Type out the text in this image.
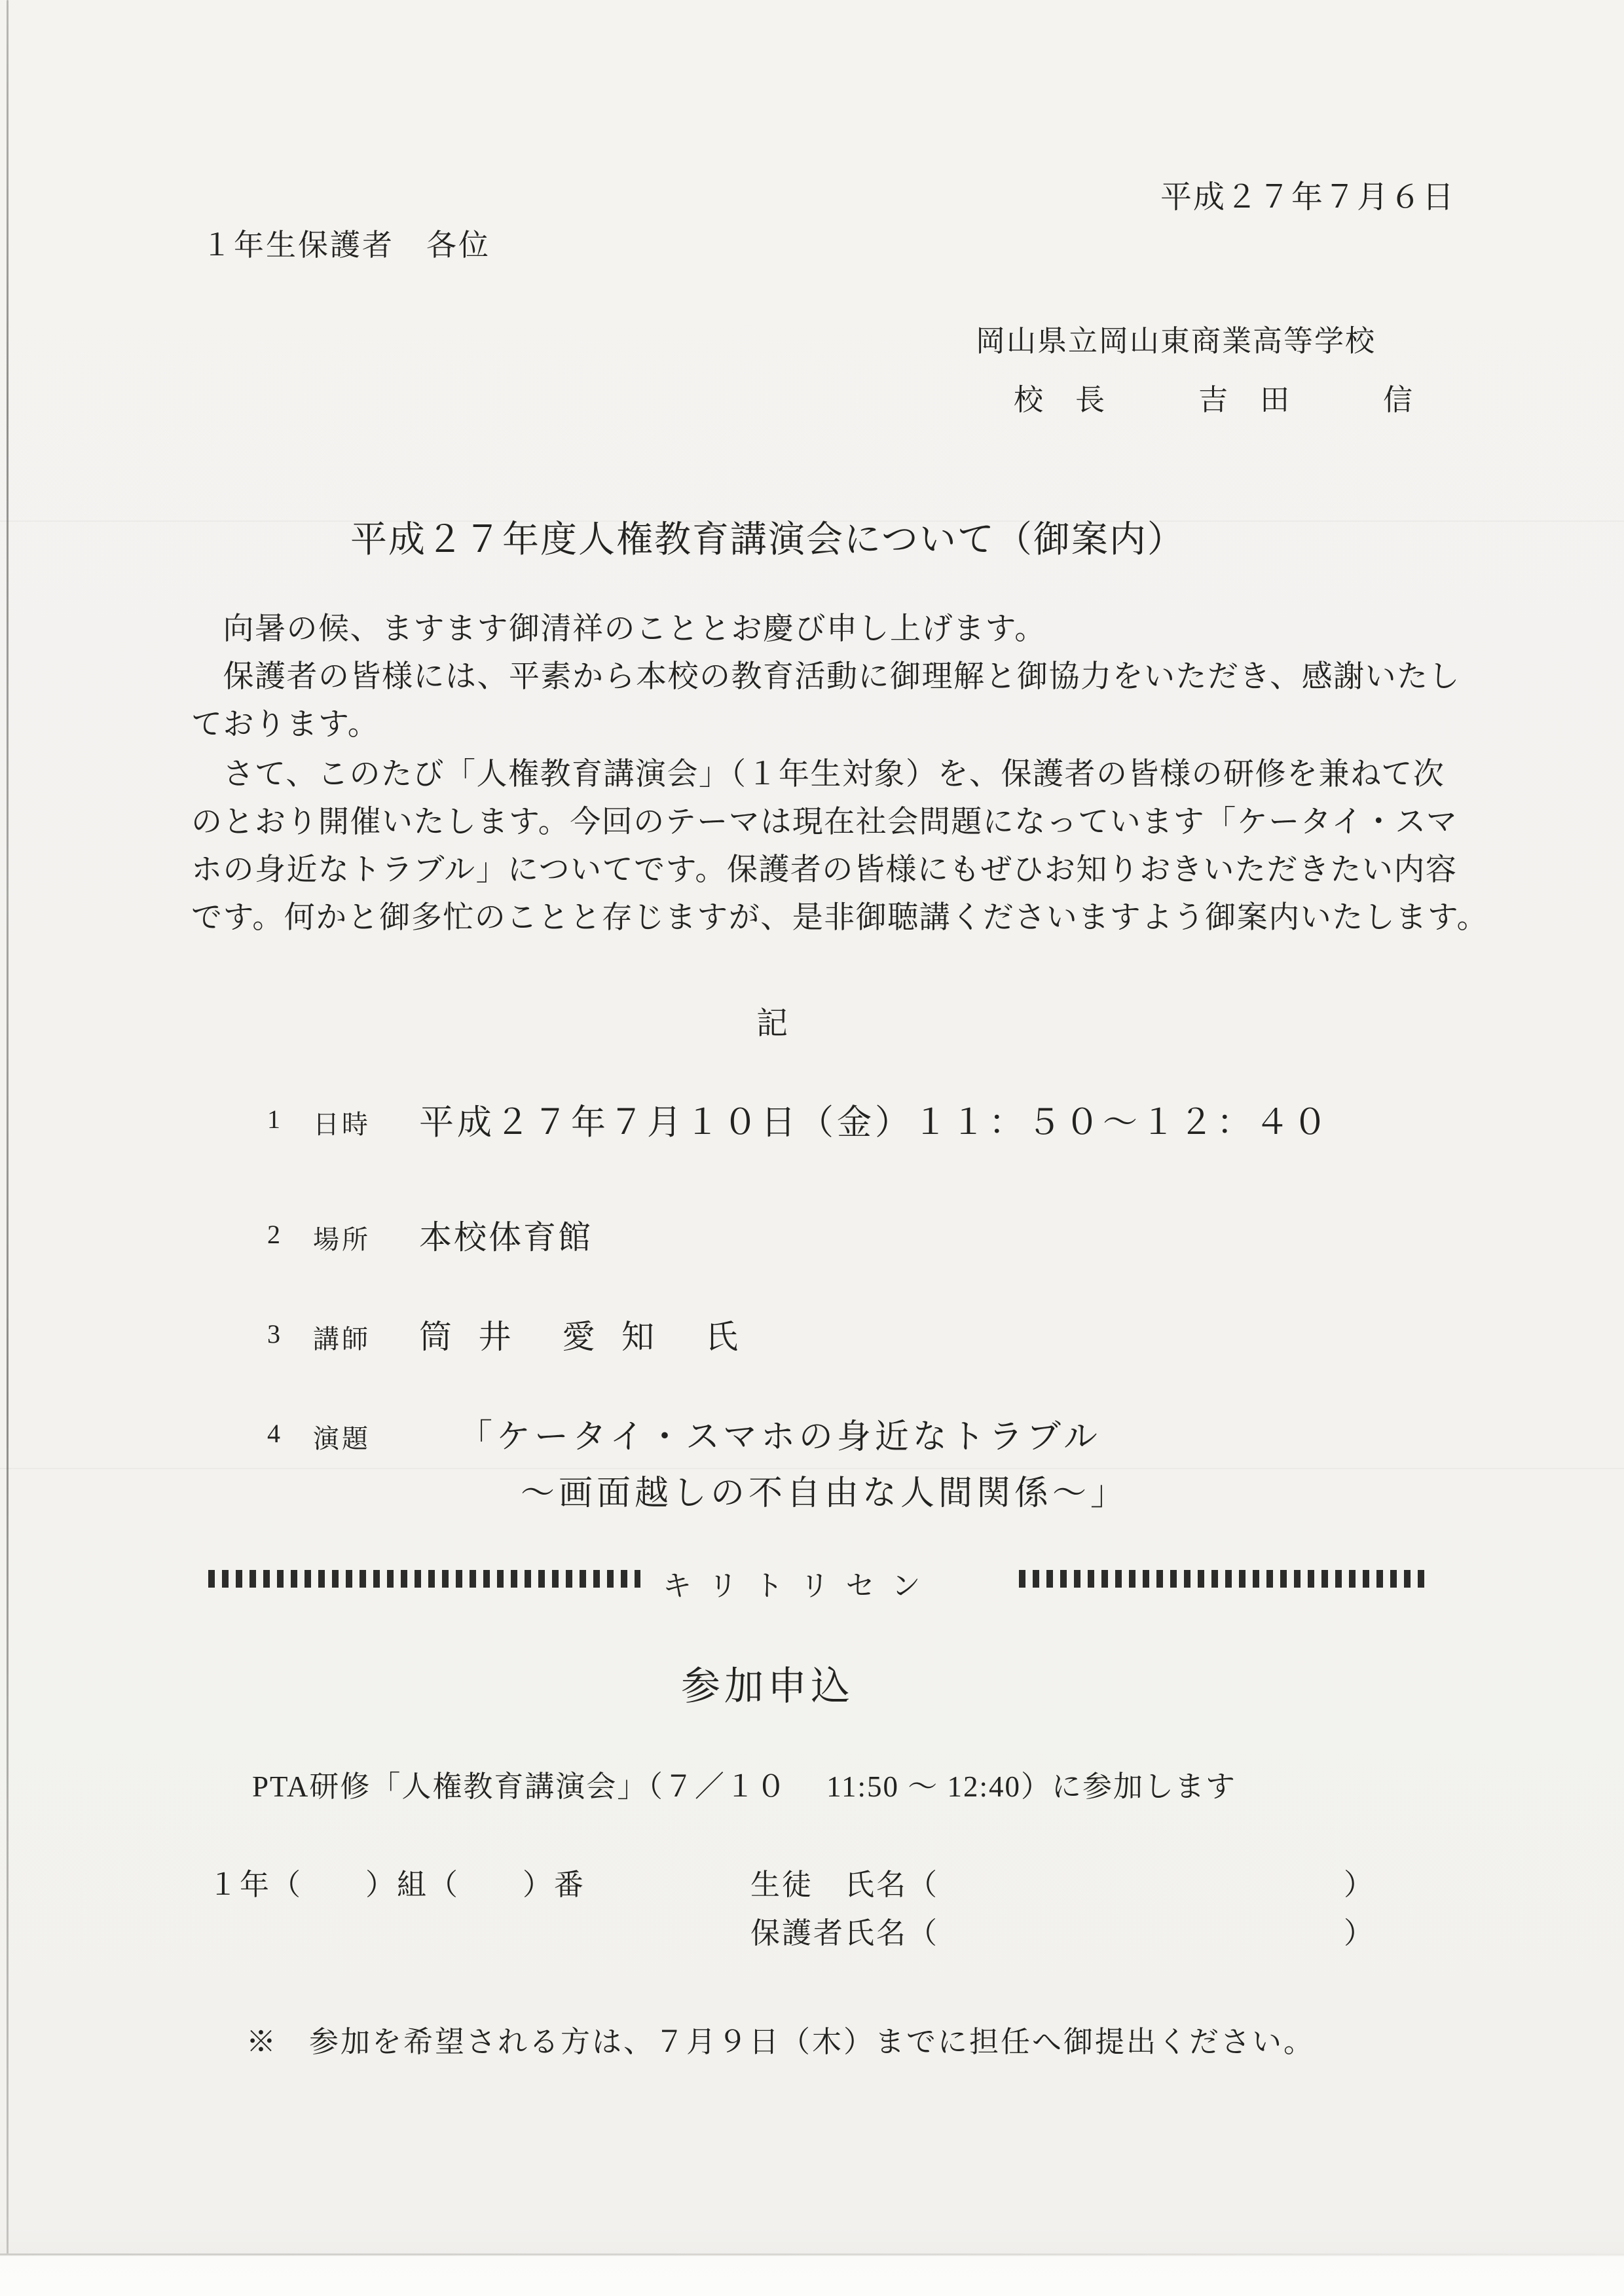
平成２７年７月６日
１年生保護者　各位
岡山県立岡山東商業高等学校
校　長　　　吉　田　　　信
平成２７年度人権教育講演会について（御案内）
　向暑の候、ますます御清祥のこととお慶び申し上げます。
　保護者の皆様には、平素から本校の教育活動に御理解と御協力をいただき、感謝いたし
ております。
　さて、このたび「人権教育講演会」（１年生対象）を、保護者の皆様の研修を兼ねて次
のとおり開催いたします。今回のテーマは現在社会問題になっています「ケータイ・スマ
ホの身近なトラブル」についてです。保護者の皆様にもぜひお知りおきいただきたい内容
です。何かと御多忙のことと存じますが、是非御聴講くださいますよう御案内いたします。
記
1 日時 平成２７年７月１０日（金）１１：５０～１２：４０
2 場所 本校体育館
3 講師 筒 井　愛 知　氏
4 演題	「ケータイ・スマホの身近なトラブル
～画面越しの不自由な人間関係～」
キリトリセン
参加申込
PTA研修「人権教育講演会」（７／１０　 11:50 ～ 12:40）に参加します
１年（　　）組（　　）番	生徒　氏名（	）
保護者氏名（	）
※　参加を希望される方は、７月９日（木）までに担任へ御提出ください。
